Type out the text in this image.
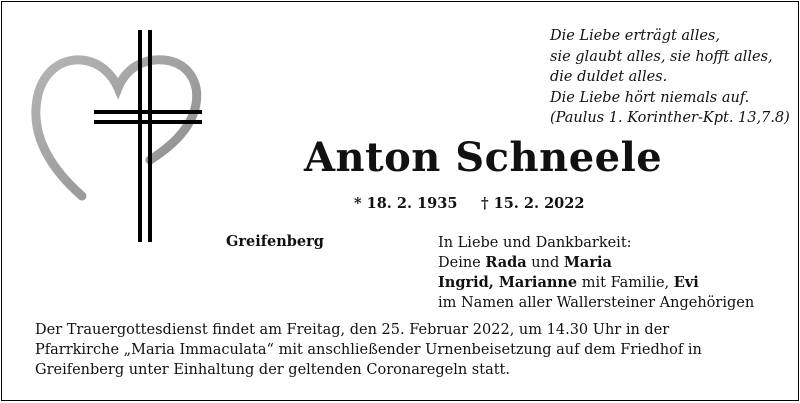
Die Liebe erträgt alles,
sie glaubt alles, sie hofft alles,
die duldet alles.
Die Liebe hört niemals auf.
(Paulus 1. Korinther-Kpt. 13,7.8)
Anton Schneele
* 18. 2. 1935 † 15. 2. 2022
Greifenberg	In Liebe und Dankbarkeit:
Deine Rada und Maria
Ingrid, Marianne mit Familie, Evi
im Namen aller Wallersteiner Angehörigen
Der Trauergottesdienst findet am Freitag, den 25. Februar 2022, um 14.30 Uhr in der
Pfarrkirche „Maria Immaculata“ mit anschließender Urnenbeisetzung auf dem Friedhof in
Greifenberg unter Einhaltung der geltenden Coronaregeln statt.
